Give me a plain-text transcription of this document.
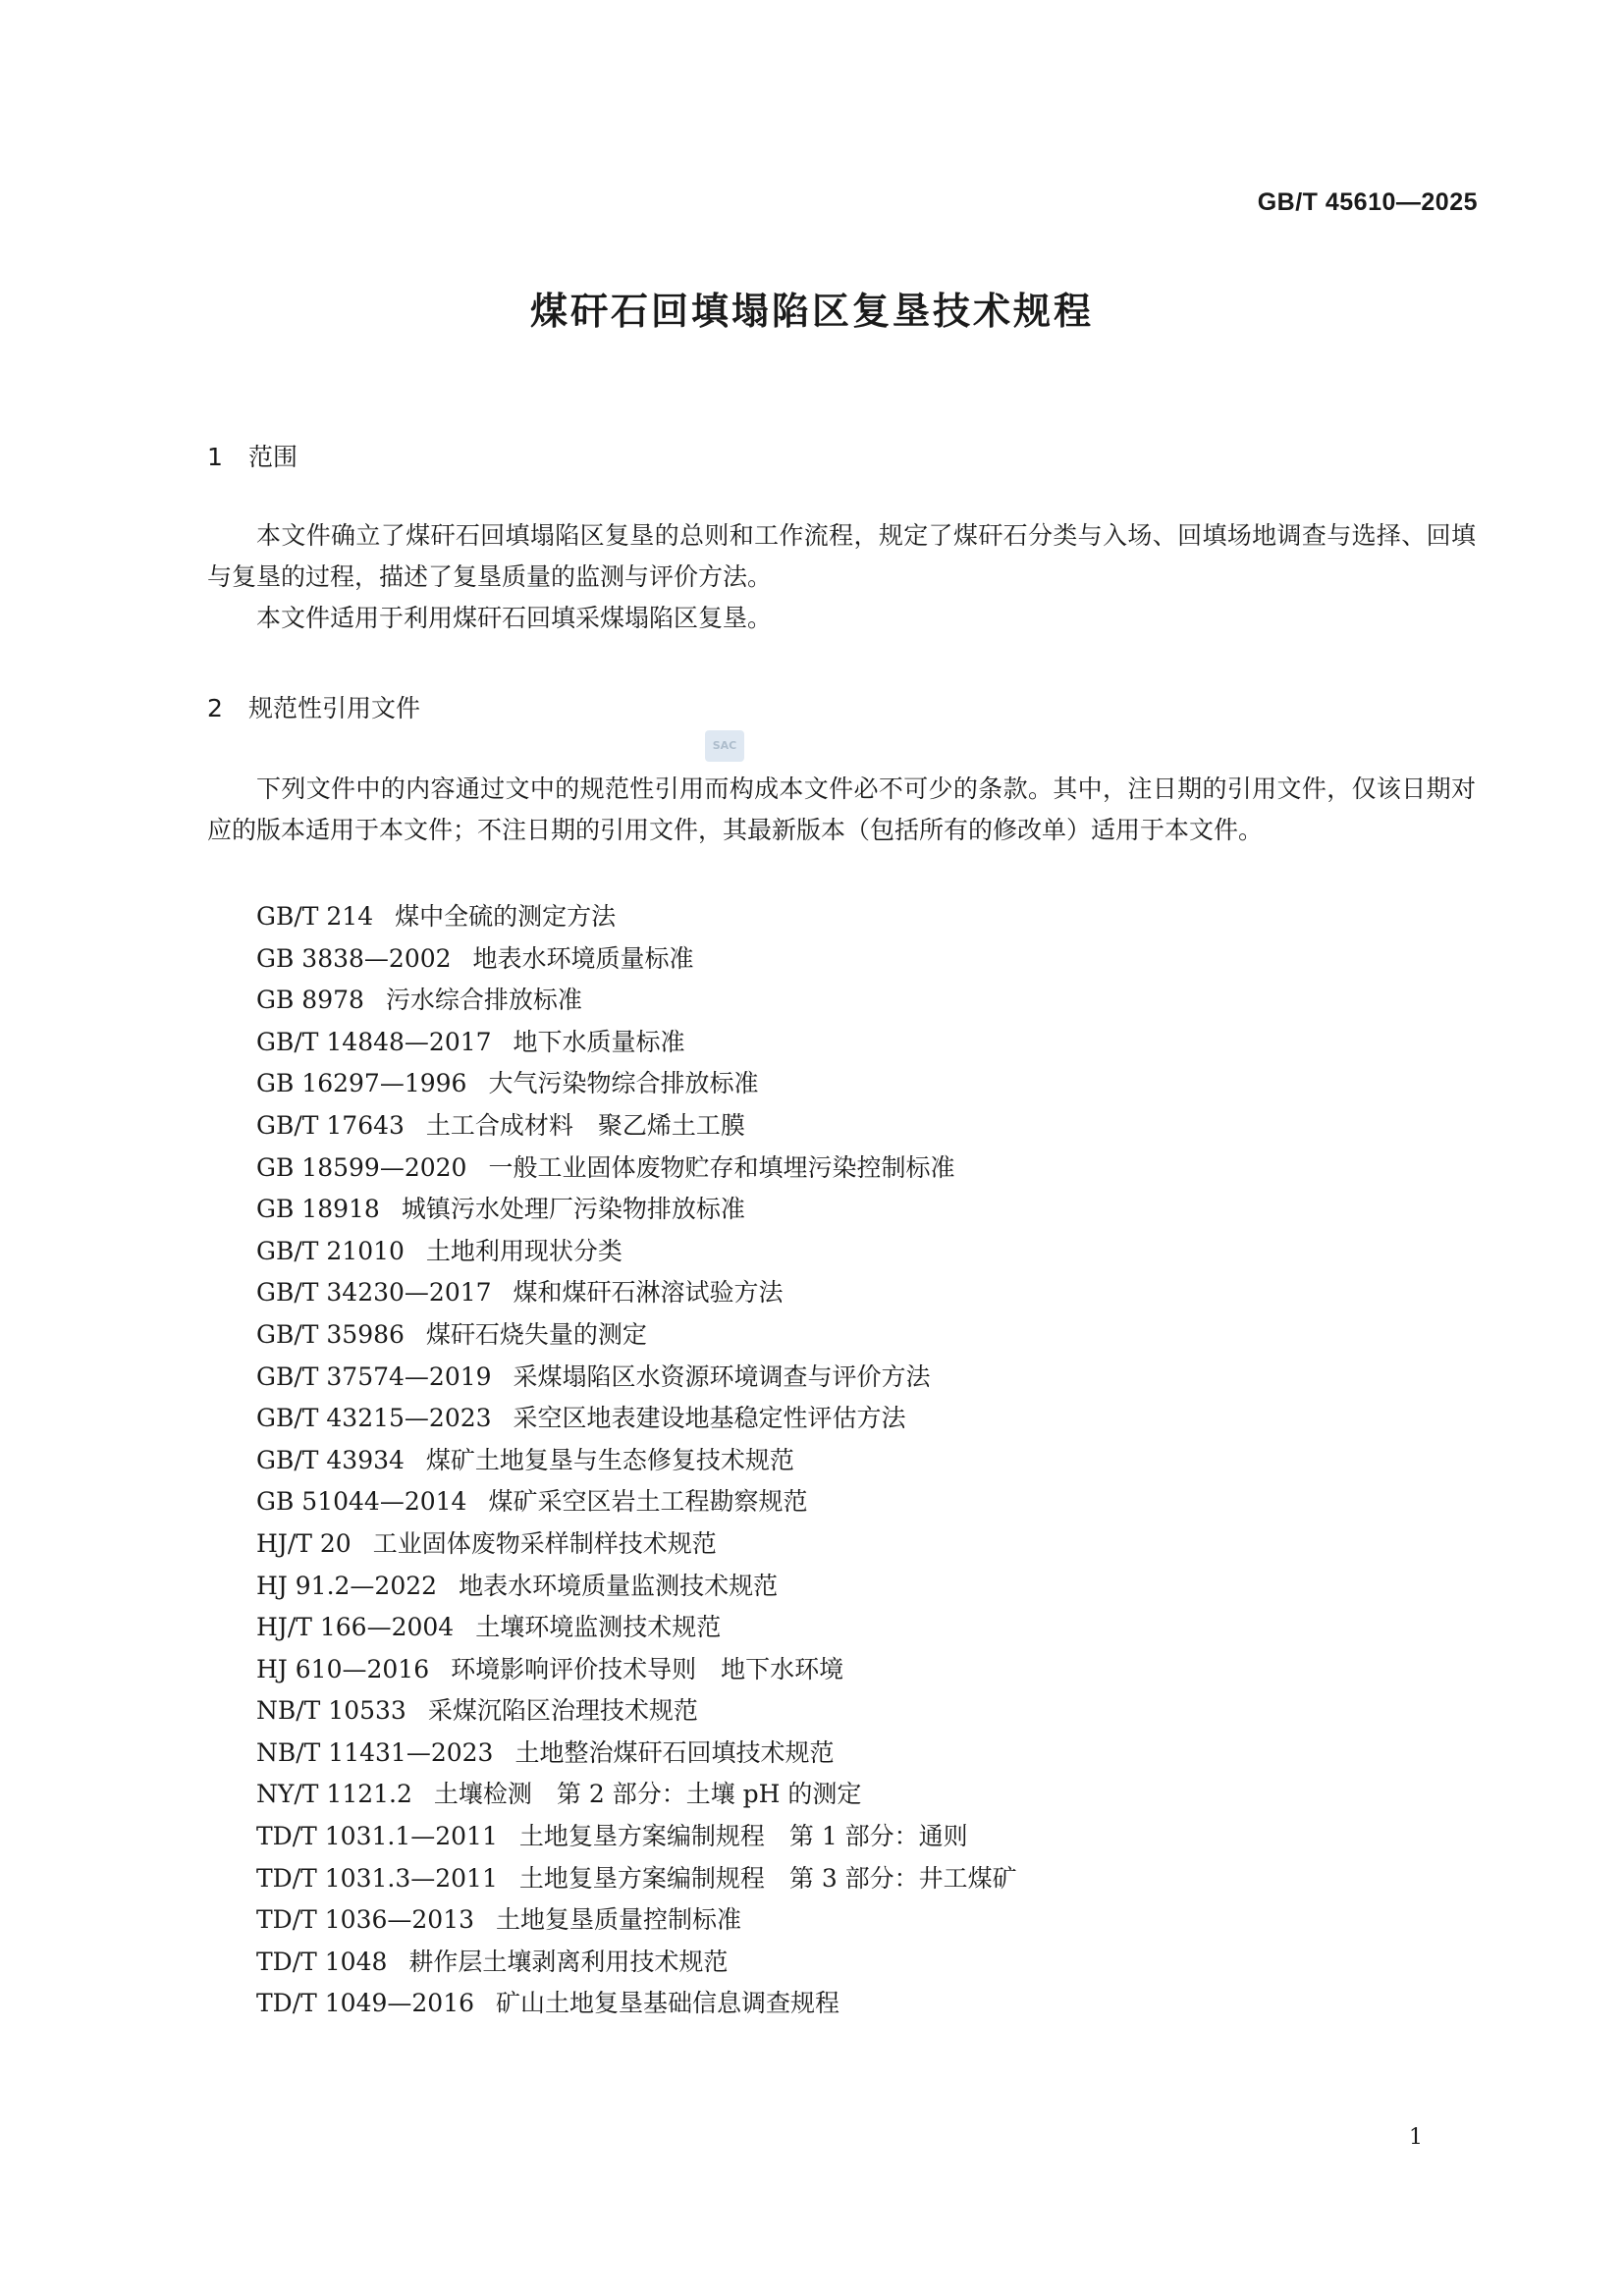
GB/T 45610—2025
煤矸石回填塌陷区复垦技术规程
1 范围

本文件确立了煤矸石回填塌陷区复垦的总则和工作流程，规定了煤矸石分类与入场、回填场地调查与选择、回填与复垦的过程，描述了复垦质量的监测与评价方法。

本文件适用于利用煤矸石回填采煤塌陷区复垦。

2 规范性引用文件
SAC

下列文件中的内容通过文中的规范性引用而构成本文件必不可少的条款。其中，注日期的引用文件，仅该日期对应的版本适用于本文件；不注日期的引用文件，其最新版本（包括所有的修改单）适用于本文件。

GB/T 214 煤中全硫的测定方法
GB 3838—2002 地表水环境质量标准
GB 8978 污水综合排放标准
GB/T 14848—2017 地下水质量标准
GB 16297—1996 大气污染物综合排放标准
GB/T 17643 土工合成材料　聚乙烯土工膜
GB 18599—2020 一般工业固体废物贮存和填埋污染控制标准
GB 18918 城镇污水处理厂污染物排放标准
GB/T 21010 土地利用现状分类
GB/T 34230—2017 煤和煤矸石淋溶试验方法
GB/T 35986 煤矸石烧失量的测定
GB/T 37574—2019 采煤塌陷区水资源环境调查与评价方法
GB/T 43215—2023 采空区地表建设地基稳定性评估方法
GB/T 43934 煤矿土地复垦与生态修复技术规范
GB 51044—2014 煤矿采空区岩土工程勘察规范
HJ/T 20 工业固体废物采样制样技术规范
HJ 91.2—2022 地表水环境质量监测技术规范
HJ/T 166—2004 土壤环境监测技术规范
HJ 610—2016 环境影响评价技术导则　地下水环境
NB/T 10533 采煤沉陷区治理技术规范
NB/T 11431—2023 土地整治煤矸石回填技术规范
NY/T 1121.2 土壤检测　第 2 部分：土壤 pH 的测定
TD/T 1031.1—2011 土地复垦方案编制规程　第 1 部分：通则
TD/T 1031.3—2011 土地复垦方案编制规程　第 3 部分：井工煤矿
TD/T 1036—2013 土地复垦质量控制标准
TD/T 1048 耕作层土壤剥离利用技术规范
TD/T 1049—2016 矿山土地复垦基础信息调查规程
1
